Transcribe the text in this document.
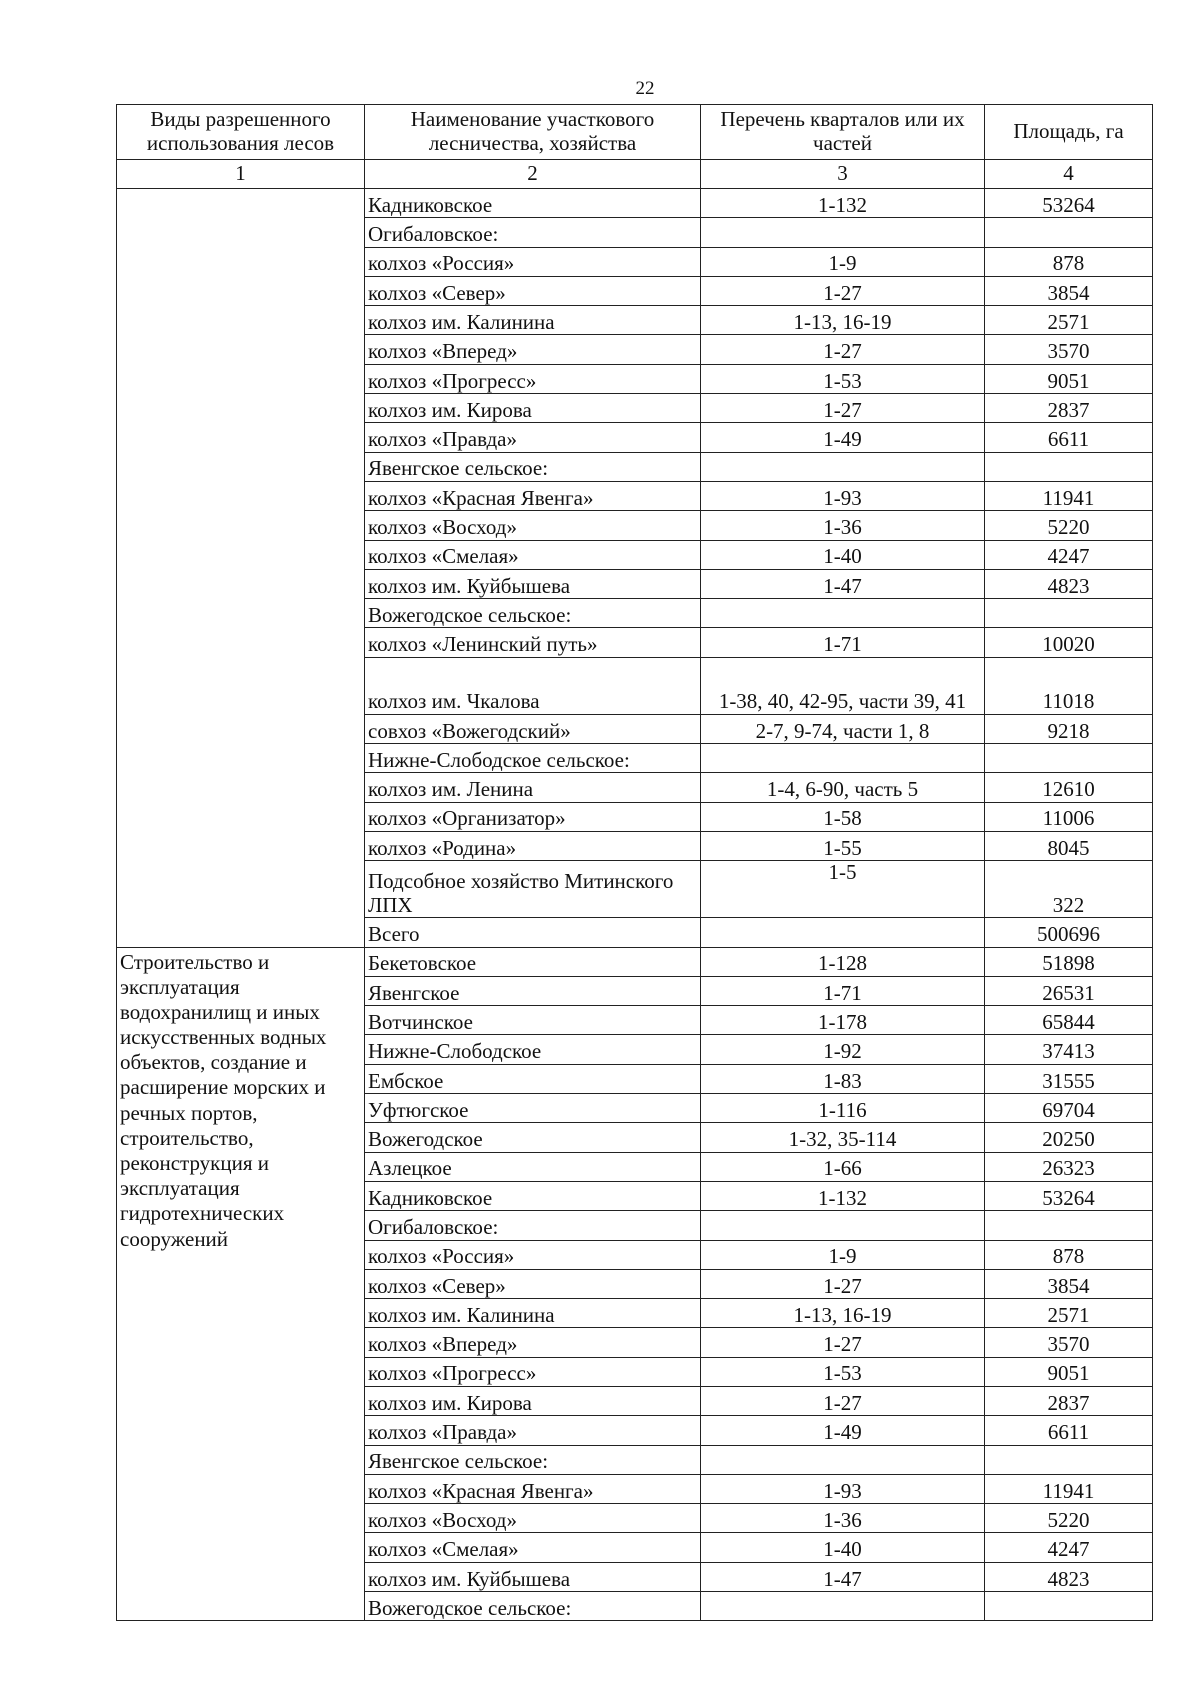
22
Виды разрешенного использования лесов	Наименование участкового лесничества, хозяйства	Перечень кварталов или их частей	Площадь, га
1	2	3	4
	Кадниковское	1-132	53264
	Огибаловское:		
	колхоз «Россия»	1-9	878
	колхоз «Север»	1-27	3854
	колхоз им. Калинина	1-13, 16-19	2571
	колхоз «Вперед»	1-27	3570
	колхоз «Прогресс»	1-53	9051
	колхоз им. Кирова	1-27	2837
	колхоз «Правда»	1-49	6611
	Явенгское сельское:		
	колхоз «Красная Явенга»	1-93	11941
	колхоз «Восход»	1-36	5220
	колхоз «Смелая»	1-40	4247
	колхоз им. Куйбышева	1-47	4823
	Вожегодское сельское:		
	колхоз «Ленинский путь»	1-71	10020
	колхоз им. Чкалова	1-38, 40, 42-95, части 39, 41	11018
	совхоз «Вожегодский»	2-7, 9-74, части 1, 8	9218
	Нижне-Слободское сельское:		
	колхоз им. Ленина	1-4, 6-90, часть 5	12610
	колхоз «Организатор»	1-58	11006
	колхоз «Родина»	1-55	8045
	Подсобное хозяйство Митинского ЛПХ	1-5	322
	Всего		500696
Строительство и эксплуатация водохранилищ и иных искусственных водных объектов, создание и расширение морских и речных портов, строительство, реконструкция и эксплуатация гидротехнических сооружений	Бекетовское	1-128	51898
	Явенгское	1-71	26531
	Вотчинское	1-178	65844
	Нижне-Слободское	1-92	37413
	Ембское	1-83	31555
	Уфтюгское	1-116	69704
	Вожегодское	1-32, 35-114	20250
	Азлецкое	1-66	26323
	Кадниковское	1-132	53264
	Огибаловское:		
	колхоз «Россия»	1-9	878
	колхоз «Север»	1-27	3854
	колхоз им. Калинина	1-13, 16-19	2571
	колхоз «Вперед»	1-27	3570
	колхоз «Прогресс»	1-53	9051
	колхоз им. Кирова	1-27	2837
	колхоз «Правда»	1-49	6611
	Явенгское сельское:		
	колхоз «Красная Явенга»	1-93	11941
	колхоз «Восход»	1-36	5220
	колхоз «Смелая»	1-40	4247
	колхоз им. Куйбышева	1-47	4823
	Вожегодское сельское:		
